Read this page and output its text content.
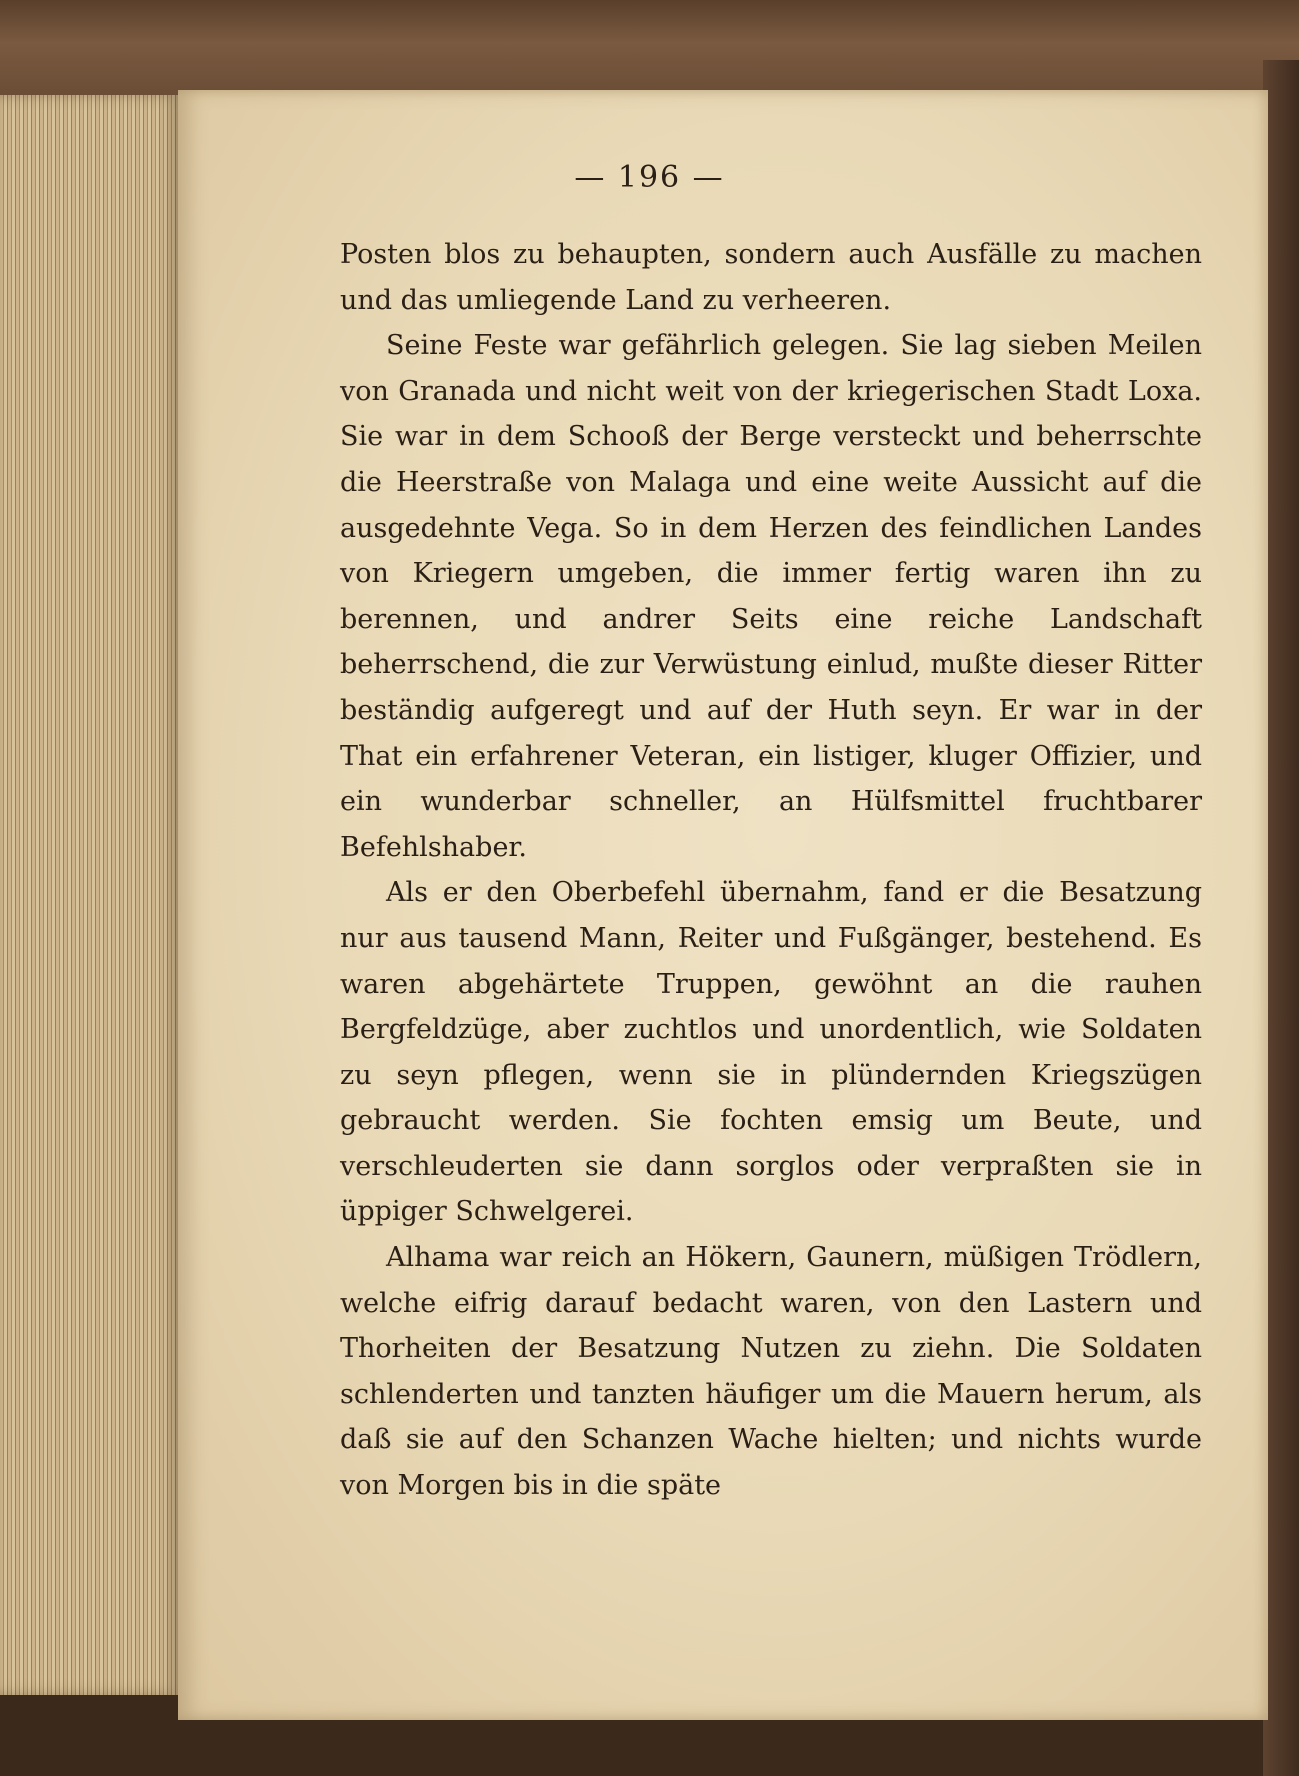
— 196 —

Posten blos zu behaupten, sondern auch Ausfälle zu machen und das umliegende Land zu verheeren.

Seine Feste war gefährlich gelegen. Sie lag sieben Meilen von Granada und nicht weit von der kriegerischen Stadt Loxa. Sie war in dem Schooß der Berge versteckt und beherrschte die Heerstraße von Malaga und eine weite Aussicht auf die ausgedehnte Vega. So in dem Herzen des feindlichen Landes von Kriegern umgeben, die immer fertig waren ihn zu berennen, und andrer Seits eine reiche Landschaft beherrschend, die zur Verwüstung einlud, mußte dieser Ritter beständig aufgeregt und auf der Huth seyn. Er war in der That ein erfahrener Veteran, ein listiger, kluger Offizier, und ein wunderbar schneller, an Hülfsmittel fruchtbarer Befehlshaber.

Als er den Oberbefehl übernahm, fand er die Besatzung nur aus tausend Mann, Reiter und Fußgänger, bestehend. Es waren abgehärtete Truppen, gewöhnt an die rauhen Bergfeldzüge, aber zuchtlos und unordentlich, wie Soldaten zu seyn pflegen, wenn sie in plündernden Kriegszügen gebraucht werden. Sie fochten emsig um Beute, und verschleuderten sie dann sorglos oder verpraßten sie in üppiger Schwelgerei.

Alhama war reich an Hökern, Gaunern, müßigen Trödlern, welche eifrig darauf bedacht waren, von den Lastern und Thorheiten der Besatzung Nutzen zu ziehn. Die Soldaten schlenderten und tanzten häufiger um die Mauern herum, als daß sie auf den Schanzen Wache hielten; und nichts wurde von Morgen bis in die späte
